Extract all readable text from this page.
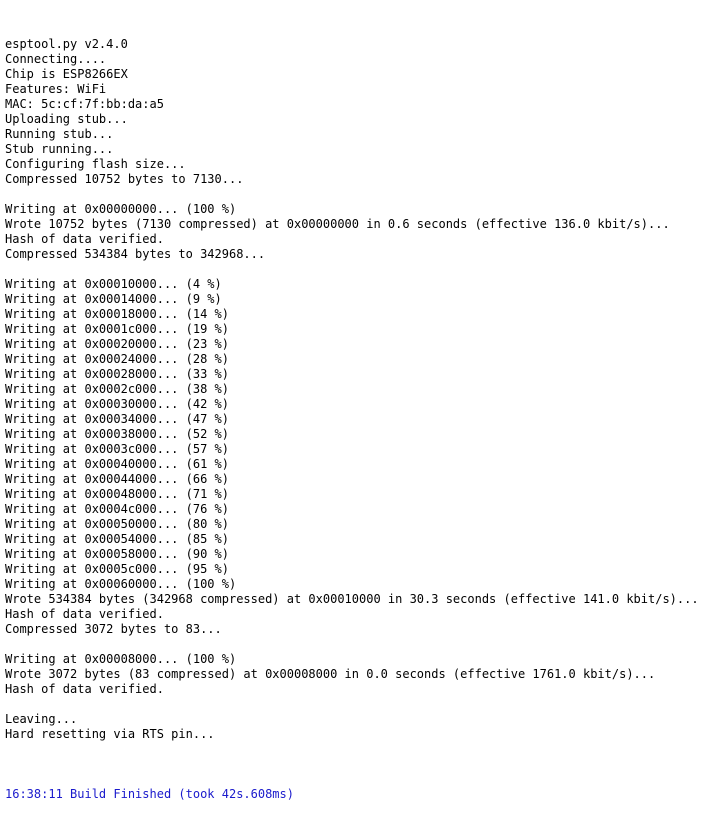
esptool.py v2.4.0
Connecting....
Chip is ESP8266EX
Features: WiFi
MAC: 5c:cf:7f:bb:da:a5
Uploading stub...
Running stub...
Stub running...
Configuring flash size...
Compressed 10752 bytes to 7130...
Writing at 0x00000000... (100 %)
Wrote 10752 bytes (7130 compressed) at 0x00000000 in 0.6 seconds (effective 136.0 kbit/s)...
Hash of data verified.
Compressed 534384 bytes to 342968...
Writing at 0x00010000... (4 %)
Writing at 0x00014000... (9 %)
Writing at 0x00018000... (14 %)
Writing at 0x0001c000... (19 %)
Writing at 0x00020000... (23 %)
Writing at 0x00024000... (28 %)
Writing at 0x00028000... (33 %)
Writing at 0x0002c000... (38 %)
Writing at 0x00030000... (42 %)
Writing at 0x00034000... (47 %)
Writing at 0x00038000... (52 %)
Writing at 0x0003c000... (57 %)
Writing at 0x00040000... (61 %)
Writing at 0x00044000... (66 %)
Writing at 0x00048000... (71 %)
Writing at 0x0004c000... (76 %)
Writing at 0x00050000... (80 %)
Writing at 0x00054000... (85 %)
Writing at 0x00058000... (90 %)
Writing at 0x0005c000... (95 %)
Writing at 0x00060000... (100 %)
Wrote 534384 bytes (342968 compressed) at 0x00010000 in 30.3 seconds (effective 141.0 kbit/s)...
Hash of data verified.
Compressed 3072 bytes to 83...
Writing at 0x00008000... (100 %)
Wrote 3072 bytes (83 compressed) at 0x00008000 in 0.0 seconds (effective 1761.0 kbit/s)...
Hash of data verified.
Leaving...
Hard resetting via RTS pin...

16:38:11 Build Finished (took 42s.608ms)
